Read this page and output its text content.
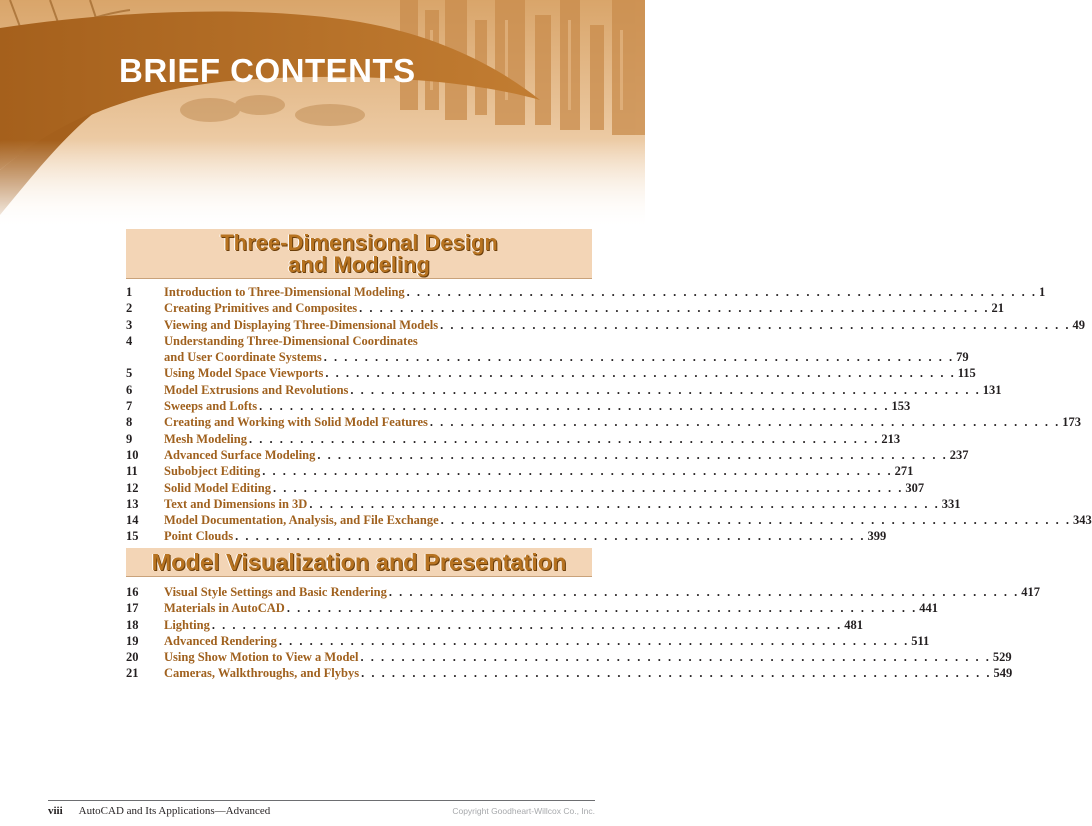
BRIEF CONTENTS
Three-Dimensional Design
and Modeling
1	Introduction to Three-Dimensional Modeling . . . . . . . . . . . . . . . . . . . . . . . . . . . . . . . . . . . . . . . . . . . . . . . . . . . . . . . . . . . . . . 1
2	Creating Primitives and Composites . . . . . . . . . . . . . . . . . . . . . . . . . . . . . . . . . . . . . . . . . . . . . . . . . . . . . . . . . . . . . . 21
3	Viewing and Displaying Three-Dimensional Models . . . . . . . . . . . . . . . . . . . . . . . . . . . . . . . . . . . . . . . . . . . . . . . . . . . . . . . . . . . . . . 49
4	Understanding Three-Dimensional Coordinates
and User Coordinate Systems . . . . . . . . . . . . . . . . . . . . . . . . . . . . . . . . . . . . . . . . . . . . . . . . . . . . . . . . . . . . . . 79
5	Using Model Space Viewports . . . . . . . . . . . . . . . . . . . . . . . . . . . . . . . . . . . . . . . . . . . . . . . . . . . . . . . . . . . . . . 115
6	Model Extrusions and Revolutions . . . . . . . . . . . . . . . . . . . . . . . . . . . . . . . . . . . . . . . . . . . . . . . . . . . . . . . . . . . . . . 131
7	Sweeps and Lofts . . . . . . . . . . . . . . . . . . . . . . . . . . . . . . . . . . . . . . . . . . . . . . . . . . . . . . . . . . . . . . 153
8	Creating and Working with Solid Model Features . . . . . . . . . . . . . . . . . . . . . . . . . . . . . . . . . . . . . . . . . . . . . . . . . . . . . . . . . . . . . . 173
9	Mesh Modeling . . . . . . . . . . . . . . . . . . . . . . . . . . . . . . . . . . . . . . . . . . . . . . . . . . . . . . . . . . . . . . 213
10	Advanced Surface Modeling . . . . . . . . . . . . . . . . . . . . . . . . . . . . . . . . . . . . . . . . . . . . . . . . . . . . . . . . . . . . . . 237
11	Subobject Editing . . . . . . . . . . . . . . . . . . . . . . . . . . . . . . . . . . . . . . . . . . . . . . . . . . . . . . . . . . . . . . 271
12	Solid Model Editing . . . . . . . . . . . . . . . . . . . . . . . . . . . . . . . . . . . . . . . . . . . . . . . . . . . . . . . . . . . . . . 307
13	Text and Dimensions in 3D . . . . . . . . . . . . . . . . . . . . . . . . . . . . . . . . . . . . . . . . . . . . . . . . . . . . . . . . . . . . . . 331
14	Model Documentation, Analysis, and File Exchange . . . . . . . . . . . . . . . . . . . . . . . . . . . . . . . . . . . . . . . . . . . . . . . . . . . . . . . . . . . . . . 343
15	Point Clouds . . . . . . . . . . . . . . . . . . . . . . . . . . . . . . . . . . . . . . . . . . . . . . . . . . . . . . . . . . . . . . 399
Model Visualization and Presentation
16	Visual Style Settings and Basic Rendering . . . . . . . . . . . . . . . . . . . . . . . . . . . . . . . . . . . . . . . . . . . . . . . . . . . . . . . . . . . . . . 417
17	Materials in AutoCAD . . . . . . . . . . . . . . . . . . . . . . . . . . . . . . . . . . . . . . . . . . . . . . . . . . . . . . . . . . . . . . 441
18	Lighting . . . . . . . . . . . . . . . . . . . . . . . . . . . . . . . . . . . . . . . . . . . . . . . . . . . . . . . . . . . . . . 481
19	Advanced Rendering . . . . . . . . . . . . . . . . . . . . . . . . . . . . . . . . . . . . . . . . . . . . . . . . . . . . . . . . . . . . . . 511
20	Using Show Motion to View a Model . . . . . . . . . . . . . . . . . . . . . . . . . . . . . . . . . . . . . . . . . . . . . . . . . . . . . . . . . . . . . . 529
21	Cameras, Walkthroughs, and Flybys . . . . . . . . . . . . . . . . . . . . . . . . . . . . . . . . . . . . . . . . . . . . . . . . . . . . . . . . . . . . . . 549
viii AutoCAD and Its Applications—Advanced	Copyright Goodheart-Willcox Co., Inc.
